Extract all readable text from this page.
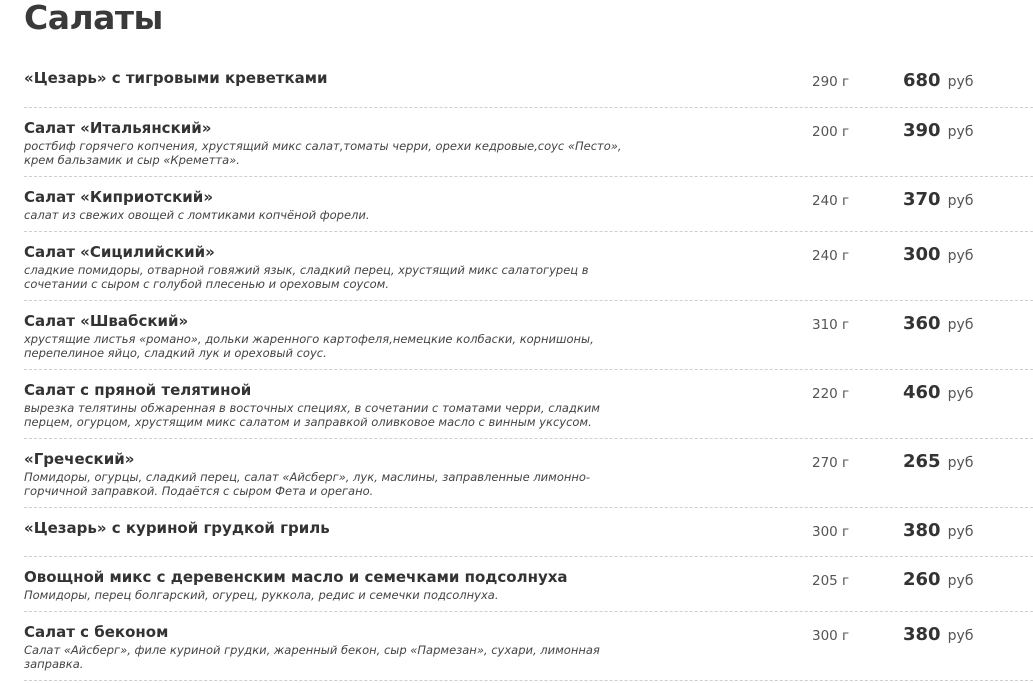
Салаты
«Цезарь» с тигровыми креветками	290 г	680 руб
Салат «Итальянский»
ростбиф горячего копчения, хрустящий микс салат,томаты черри, орехи кедровые,соус «Песто», крем бальзамик и сыр «Креметта».
200 г	390 руб
Салат «Киприотский»
салат из свежих овощей с ломтиками копчёной форели.
240 г	370 руб
Салат «Сицилийский»
сладкие помидоры, отварной говяжий язык, сладкий перец, хрустящий микс салатогурец в сочетании с сыром с голубой плесенью и ореховым соусом.
240 г	300 руб
Салат «Швабский»
хрустящие листья «романо», дольки жаренного картофеля,немецкие колбаски, корнишоны, перепелиное яйцо, сладкий лук и ореховый соус.
310 г	360 руб
Салат с пряной телятиной
вырезка телятины обжаренная в восточных специях, в сочетании с томатами черри, сладким перцем, огурцом, хрустящим микс салатом и заправкой оливковое масло с винным уксусом.
220 г	460 руб
«Греческий»
Помидоры, огурцы, сладкий перец, салат «Айсберг», лук, маслины, заправленные лимонно-горчичной заправкой. Подаётся с сыром Фета и орегано.
270 г	265 руб
«Цезарь» с куриной грудкой гриль	300 г	380 руб
Овощной микс с деревенским масло и семечками подсолнуха
Помидоры, перец болгарский, огурец, руккола, редис и семечки подсолнуха.
205 г	260 руб
Салат с беконом
Салат «Айсберг», филе куриной грудки, жаренный бекон, сыр «Пармезан», сухари, лимонная заправка.
300 г	380 руб
